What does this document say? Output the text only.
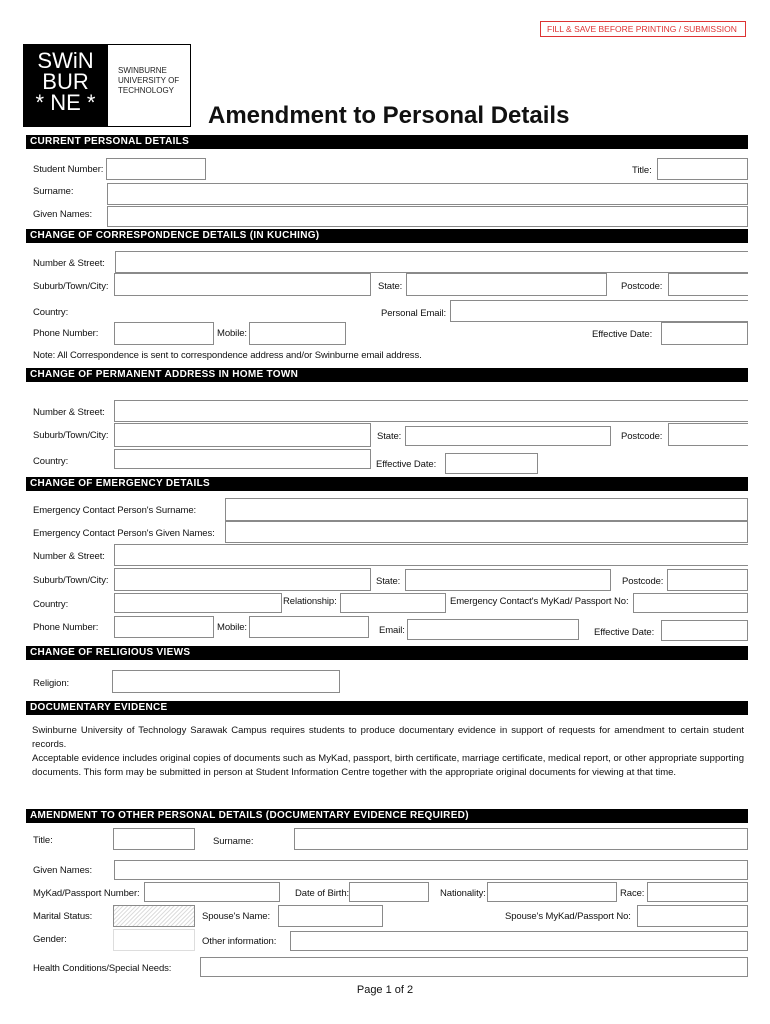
FILL & SAVE BEFORE PRINTING / SUBMISSION
SWiN
BUR
* NE *
SWINBURNE
UNIVERSITY OF
TECHNOLOGY
Amendment to Personal Details
CURRENT PERSONAL DETAILS
Student Number:	Title:
Surname:
Given Names:
CHANGE OF CORRESPONDENCE DETAILS (IN KUCHING)
Number & Street:
Suburb/Town/City:	State:	Postcode:
Country:	Personal Email:
Phone Number:	Mobile:	Effective Date:
Note: All Correspondence is sent to correspondence address and/or Swinburne email address.
CHANGE OF PERMANENT ADDRESS IN HOME TOWN
Number & Street:
Suburb/Town/City:	State:	Postcode:
Country:	Effective Date:
CHANGE OF EMERGENCY DETAILS
Emergency Contact Person's Surname:
Emergency Contact Person's Given Names:
Number & Street:
Suburb/Town/City:	State:	Postcode:
Country:	Relationship:	Emergency Contact's MyKad/ Passport No:
Phone Number:	Mobile:	Email:	Effective Date:
CHANGE OF RELIGIOUS VIEWS
Religion:
DOCUMENTARY EVIDENCE
Swinburne University of Technology Sarawak Campus requires students to produce documentary evidence in support of requests for amendment to certain student records.
Acceptable evidence includes original copies of documents such as MyKad, passport, birth certificate, marriage certificate, medical report, or other appropriate supporting documents. This form may be submitted in person at Student Information Centre together with the appropriate original documents for viewing at that time.
AMENDMENT TO OTHER PERSONAL DETAILS (DOCUMENTARY EVIDENCE REQUIRED)
Title:	Surname:
Given Names:
MyKad/Passport Number:	Date of Birth:	Nationality:	Race:
Marital Status:	Spouse's Name:	Spouse's MyKad/Passport No:
Gender:	Other information:
Health Conditions/Special Needs:
Page 1 of 2
